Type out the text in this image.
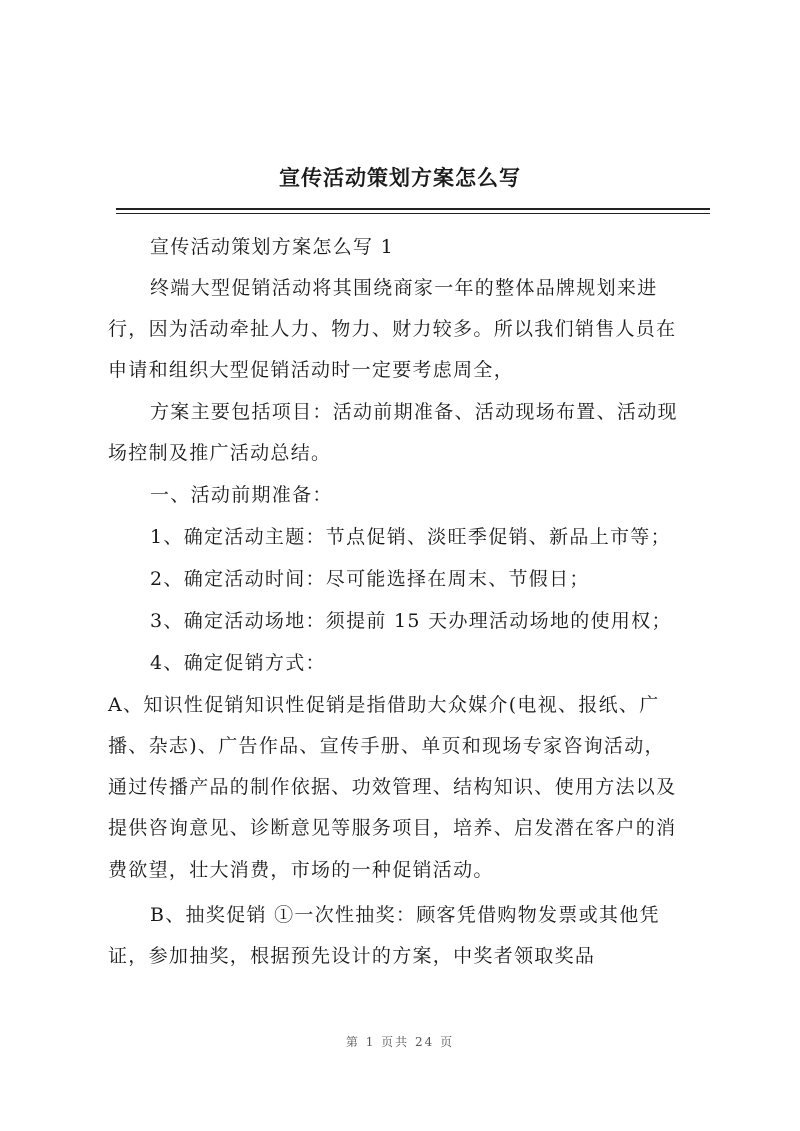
宣传活动策划方案怎么写

宣传活动策划方案怎么写 1

终端大型促销活动将其围绕商家一年的整体品牌规划来进

行，因为活动牵扯人力、物力、财力较多。所以我们销售人员在

申请和组织大型促销活动时一定要考虑周全，

方案主要包括项目：活动前期准备、活动现场布置、活动现

场控制及推广活动总结。

一、活动前期准备：

1、确定活动主题：节点促销、淡旺季促销、新品上市等；

2、确定活动时间：尽可能选择在周末、节假日；

3、确定活动场地：须提前 15 天办理活动场地的使用权；

4、确定促销方式：

A、知识性促销知识性促销是指借助大众媒介(电视、报纸、广

播、杂志)、广告作品、宣传手册、单页和现场专家咨询活动，

通过传播产品的制作依据、功效管理、结构知识、使用方法以及

提供咨询意见、诊断意见等服务项目，培养、启发潜在客户的消

费欲望，壮大消费，市场的一种促销活动。

B、抽奖促销 ①一次性抽奖：顾客凭借购物发票或其他凭

证，参加抽奖，根据预先设计的方案，中奖者领取奖品

第 1 页共 24 页
